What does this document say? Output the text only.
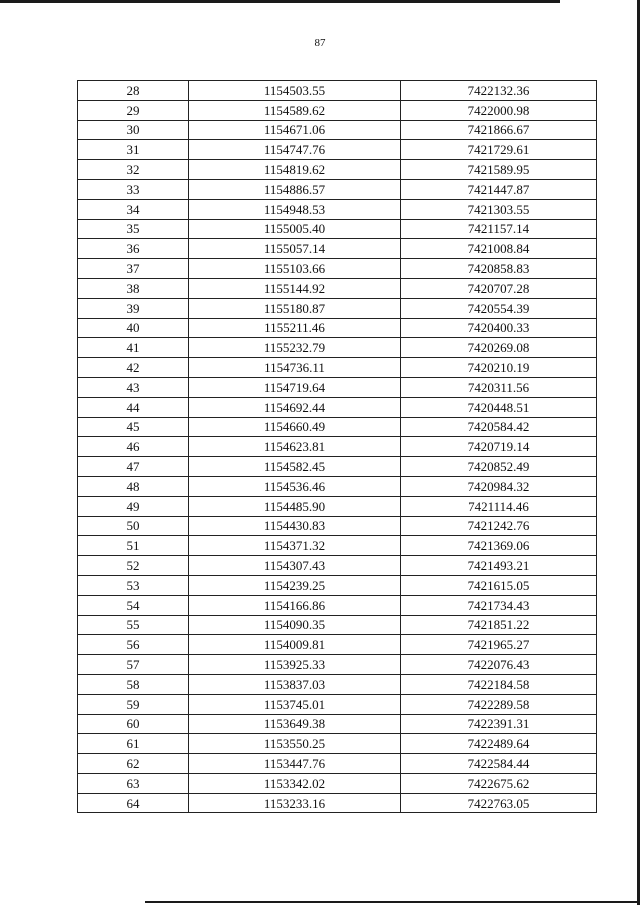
87
28	1154503.55	7422132.36
29	1154589.62	7422000.98
30	1154671.06	7421866.67
31	1154747.76	7421729.61
32	1154819.62	7421589.95
33	1154886.57	7421447.87
34	1154948.53	7421303.55
35	1155005.40	7421157.14
36	1155057.14	7421008.84
37	1155103.66	7420858.83
38	1155144.92	7420707.28
39	1155180.87	7420554.39
40	1155211.46	7420400.33
41	1155232.79	7420269.08
42	1154736.11	7420210.19
43	1154719.64	7420311.56
44	1154692.44	7420448.51
45	1154660.49	7420584.42
46	1154623.81	7420719.14
47	1154582.45	7420852.49
48	1154536.46	7420984.32
49	1154485.90	7421114.46
50	1154430.83	7421242.76
51	1154371.32	7421369.06
52	1154307.43	7421493.21
53	1154239.25	7421615.05
54	1154166.86	7421734.43
55	1154090.35	7421851.22
56	1154009.81	7421965.27
57	1153925.33	7422076.43
58	1153837.03	7422184.58
59	1153745.01	7422289.58
60	1153649.38	7422391.31
61	1153550.25	7422489.64
62	1153447.76	7422584.44
63	1153342.02	7422675.62
64	1153233.16	7422763.05
